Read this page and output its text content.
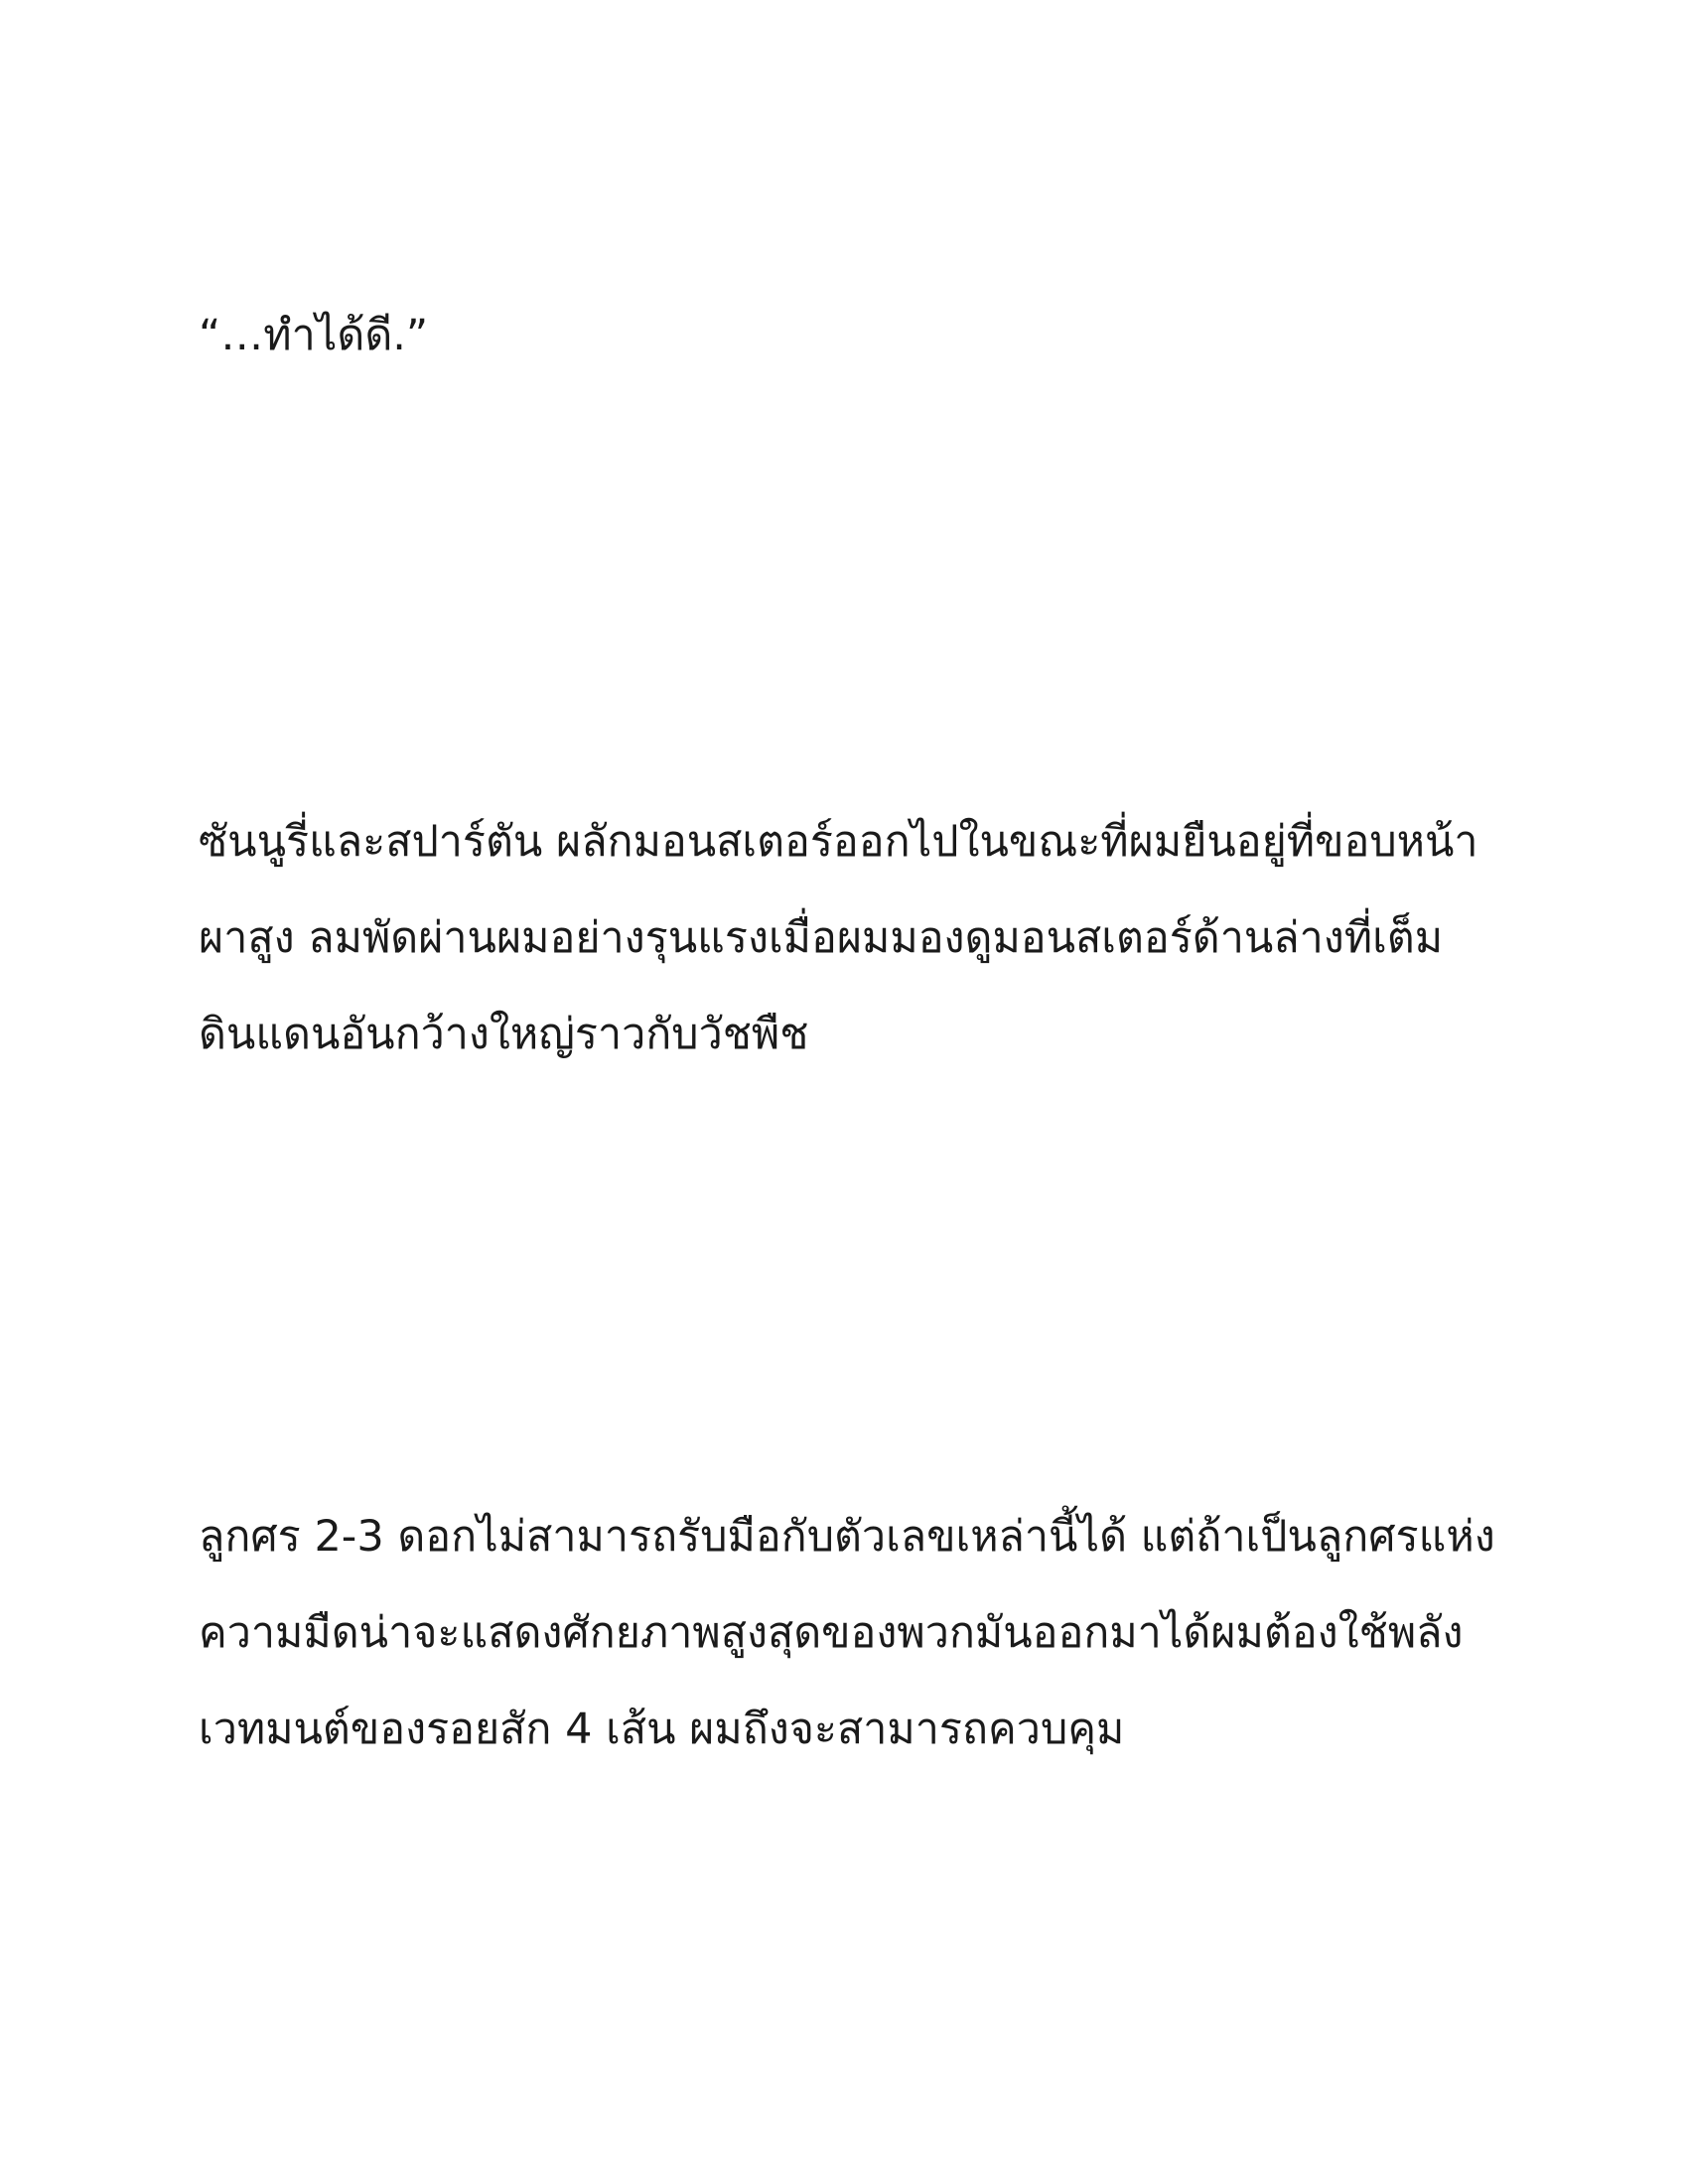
“…ทำได้ดี.”

ซันนูรี่และสปาร์ตัน ผลักมอนสเตอร์ออกไปในขณะที่ผมยืนอยู่ที่ขอบหน้า
ผาสูง ลมพัดผ่านผมอย่างรุนแรงเมื่อผมมองดูมอนสเตอร์ด้านล่างที่เต็ม
ดินแดนอันกว้างใหญ่ราวกับวัชพืช

ลูกศร 2-3 ดอกไม่สามารถรับมือกับตัวเลขเหล่านี้ได้ แต่ถ้าเป็นลูกศรแห่ง
ความมืดน่าจะแสดงศักยภาพสูงสุดของพวกมันออกมาได้ผมต้องใช้พลัง
เวทมนต์ของรอยสัก 4 เส้น ผมถึงจะสามารถควบคุม
